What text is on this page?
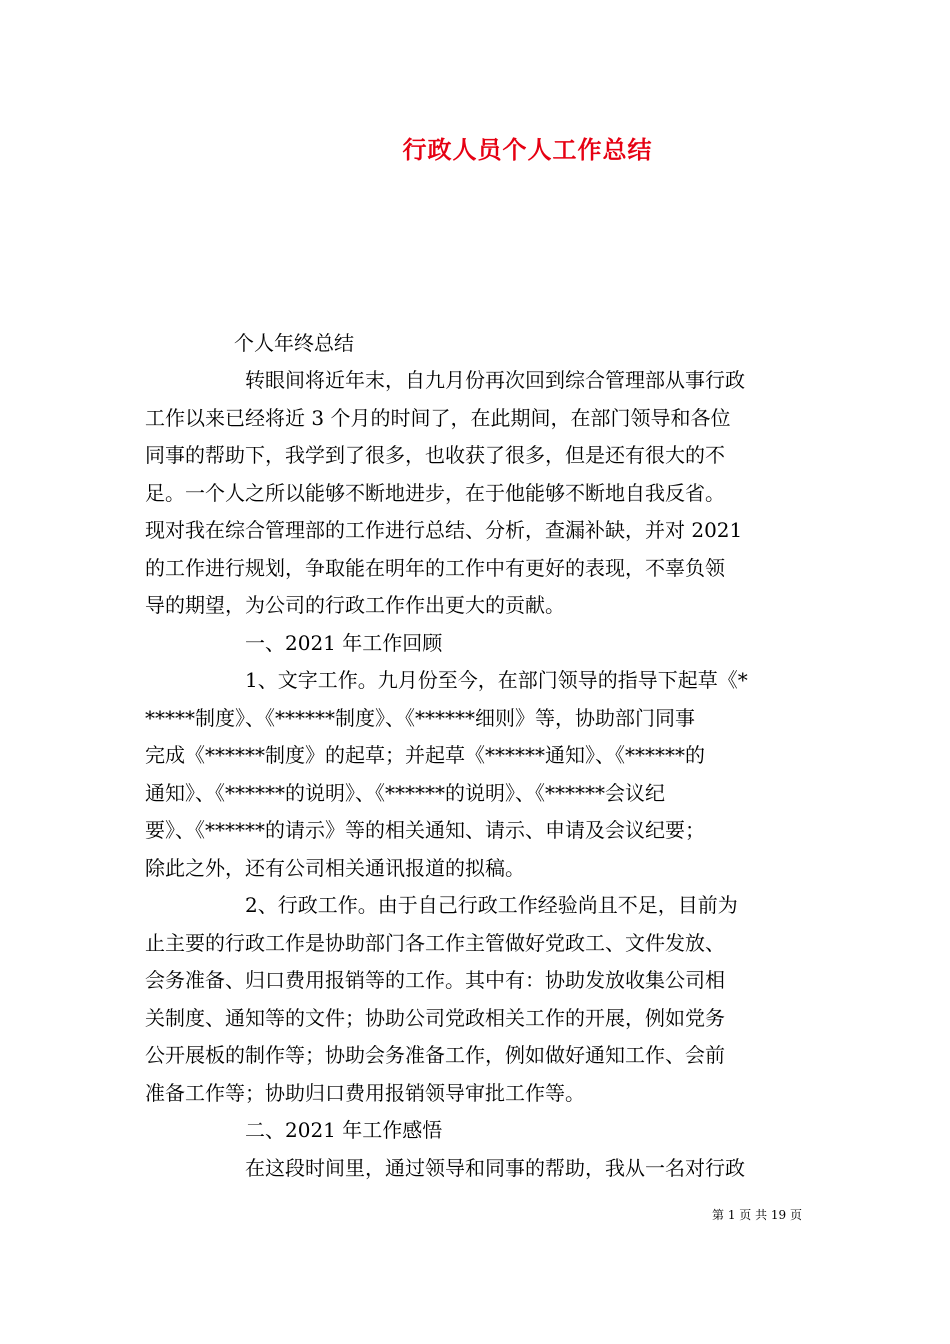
行政人员个人工作总结

个人年终总结

转眼间将近年末，自九月份再次回到综合管理部从事行政
工作以来已经将近 3 个月的时间了，在此期间，在部门领导和各位
同事的帮助下，我学到了很多，也收获了很多，但是还有很大的不
足。一个人之所以能够不断地进步，在于他能够不断地自我反省。
现对我在综合管理部的工作进行总结、分析，查漏补缺，并对 2021
的工作进行规划，争取能在明年的工作中有更好的表现，不辜负领
导的期望，为公司的行政工作作出更大的贡献。
一、2021 年工作回顾
1、文字工作。九月份至今，在部门领导的指导下起草《*
*****制度》、《******制度》、《******细则》等，协助部门同事
完成《******制度》的起草；并起草《******通知》、《******的
通知》、《******的说明》、《******的说明》、《******会议纪
要》、《******的请示》等的相关通知、请示、申请及会议纪要；
除此之外，还有公司相关通讯报道的拟稿。
2、行政工作。由于自己行政工作经验尚且不足，目前为
止主要的行政工作是协助部门各工作主管做好党政工、文件发放、
会务准备、归口费用报销等的工作。其中有：协助发放收集公司相
关制度、通知等的文件；协助公司党政相关工作的开展，例如党务
公开展板的制作等；协助会务准备工作，例如做好通知工作、会前
准备工作等；协助归口费用报销领导审批工作等。
二、2021 年工作感悟
在这段时间里，通过领导和同事的帮助，我从一名对行政
第 1 页 共 19 页
